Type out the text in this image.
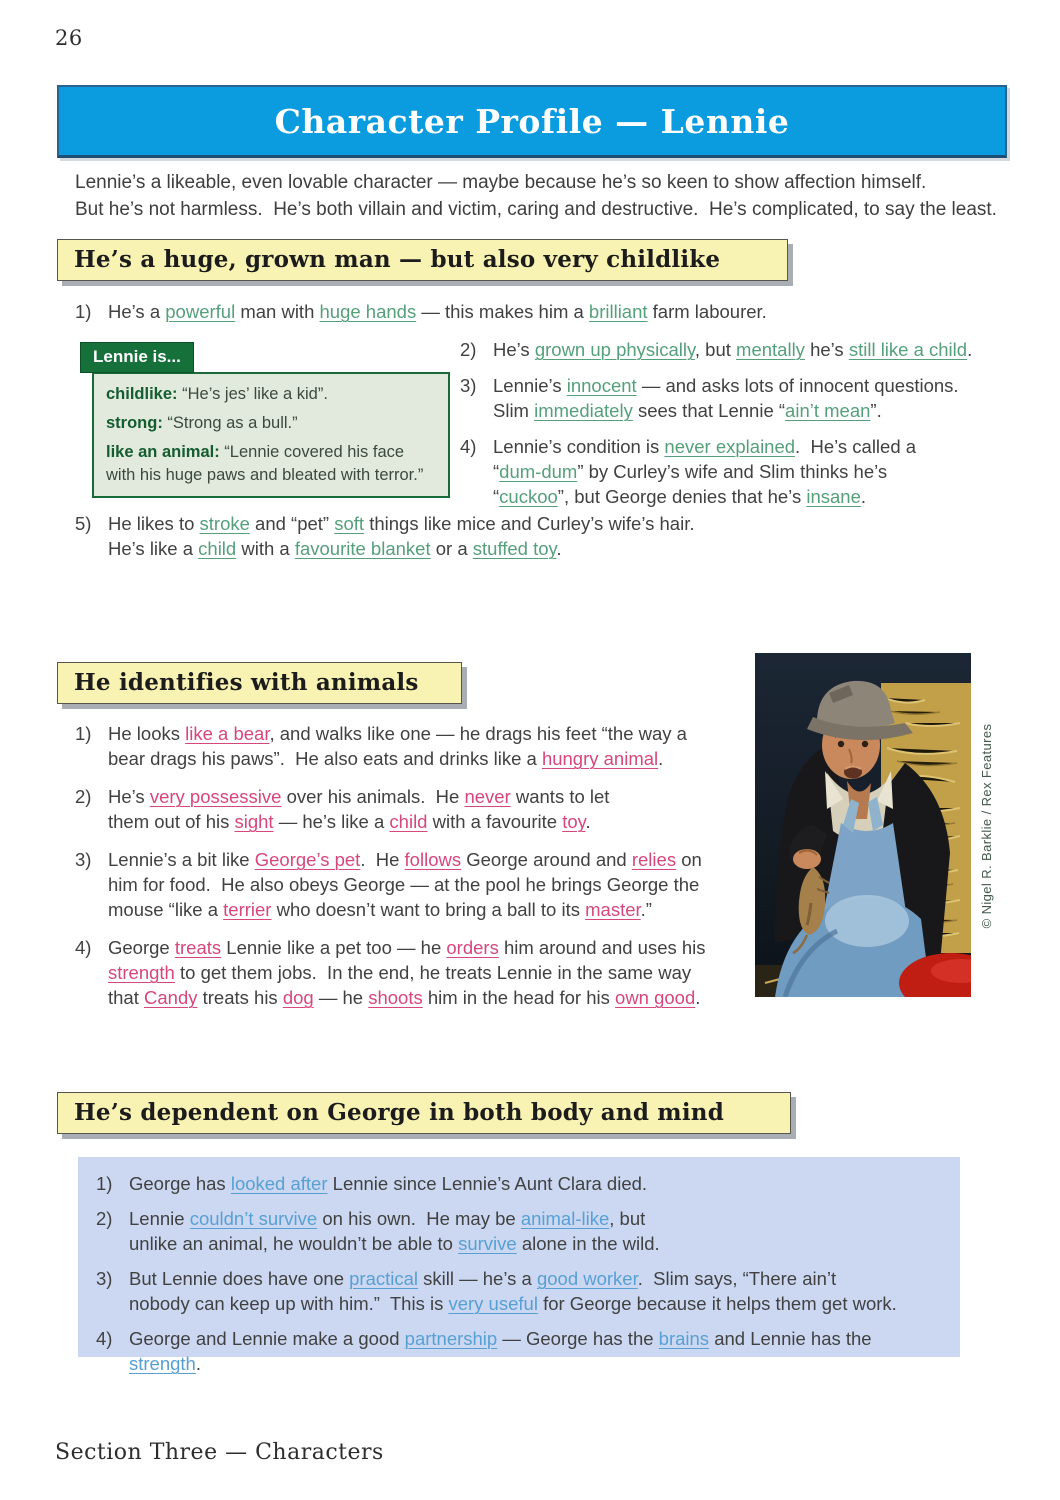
26
Character Profile — Lennie
Lennie’s a likeable, even lovable character — maybe because he’s so keen to show affection himself.
But he’s not harmless.  He’s both villain and victim, caring and destructive.  He’s complicated, to say the least.
He’s a huge, grown man — but also very childlike
1) He’s a powerful man with huge hands — this makes him a brilliant farm labourer.
Lennie is...
childlike: “He’s jes’ like a kid”.
strong: “Strong as a bull.”
like an animal: “Lennie covered his face
with his huge paws and bleated with terror.”
2) He’s grown up physically, but mentally he’s still like a child.
3) Lennie’s innocent — and asks lots of innocent questions.
Slim immediately sees that Lennie “ain’t mean”.
4) Lennie’s condition is never explained.  He’s called a
“dum-dum” by Curley’s wife and Slim thinks he’s
“cuckoo”, but George denies that he’s insane.
5) He likes to stroke and “pet” soft things like mice and Curley’s wife’s hair.
He’s like a child with a favourite blanket or a stuffed toy.
He identifies with animals
1) He looks like a bear, and walks like one — he drags his feet “the way a
bear drags his paws”.  He also eats and drinks like a hungry animal.
2) He’s very possessive over his animals.  He never wants to let
them out of his sight — he’s like a child with a favourite toy.
3) Lennie’s a bit like George’s pet.  He follows George around and relies on
him for food.  He also obeys George — at the pool he brings George the
mouse “like a terrier who doesn’t want to bring a ball to its master.”
4) George treats Lennie like a pet too — he orders him around and uses his
strength to get them jobs.  In the end, he treats Lennie in the same way
that Candy treats his dog — he shoots him in the head for his own good.
© Nigel R. Barklie / Rex Features
He’s dependent on George in both body and mind
1) George has looked after Lennie since Lennie’s Aunt Clara died.
2) Lennie couldn’t survive on his own.  He may be animal-like, but
unlike an animal, he wouldn’t be able to survive alone in the wild.
3) But Lennie does have one practical skill — he’s a good worker.  Slim says, “There ain’t
nobody can keep up with him.”  This is very useful for George because it helps them get work.
4) George and Lennie make a good partnership — George has the brains and Lennie has the strength.
Section Three — Characters
